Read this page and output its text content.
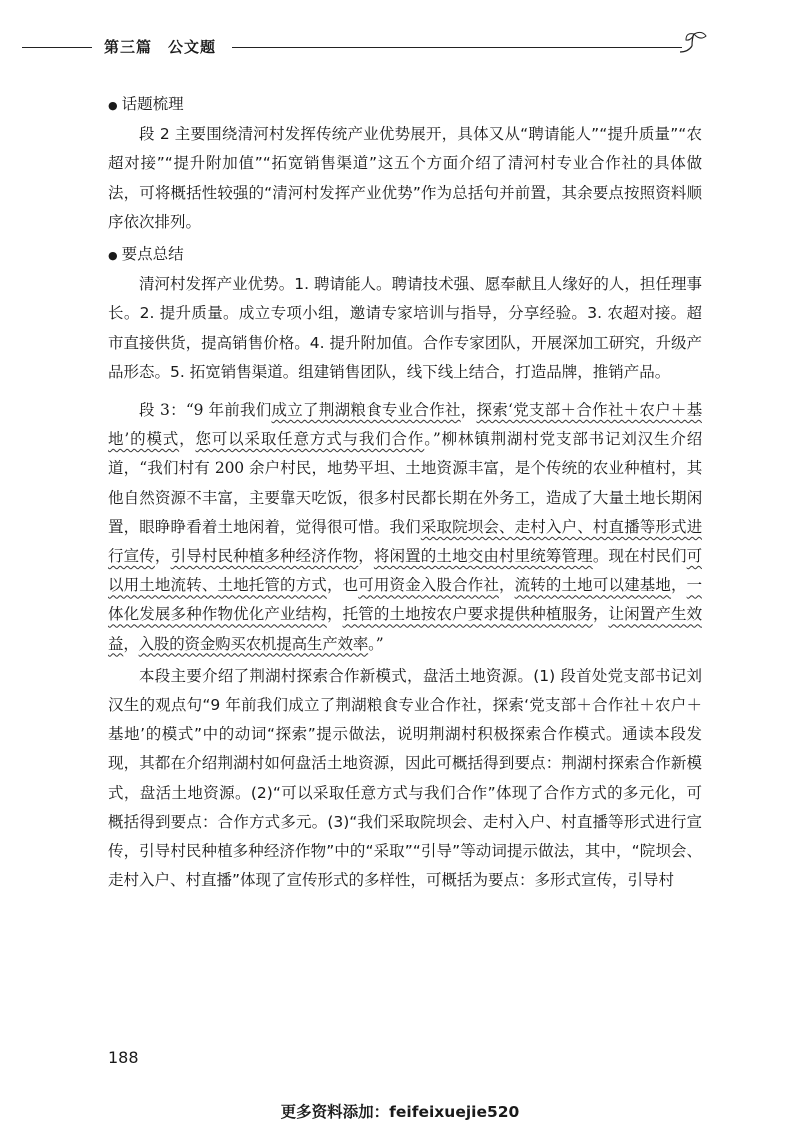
第三篇　公文题

● 话题梳理

段 2 主要围绕清河村发挥传统产业优势展开，具体又从“聘请能人”“提升质量”“农超对接”“提升附加值”“拓宽销售渠道”这五个方面介绍了清河村专业合作社的具体做法，可将概括性较强的“清河村发挥产业优势”作为总括句并前置，其余要点按照资料顺序依次排列。

● 要点总结

清河村发挥产业优势。1. 聘请能人。聘请技术强、愿奉献且人缘好的人，担任理事长。2. 提升质量。成立专项小组，邀请专家培训与指导，分享经验。3. 农超对接。超市直接供货，提高销售价格。4. 提升附加值。合作专家团队，开展深加工研究，升级产品形态。5. 拓宽销售渠道。组建销售团队，线下线上结合，打造品牌，推销产品。

段 3：“9 年前我们成立了荆湖粮食专业合作社，探索‘党支部＋合作社＋农户＋基地’的模式，您可以采取任意方式与我们合作。”柳林镇荆湖村党支部书记刘汉生介绍道，“我们村有 200 余户村民，地势平坦、土地资源丰富，是个传统的农业种植村，其他自然资源不丰富，主要靠天吃饭，很多村民都长期在外务工，造成了大量土地长期闲置，眼睁睁看着土地闲着，觉得很可惜。我们采取院坝会、走村入户、村直播等形式进行宣传，引导村民种植多种经济作物，将闲置的土地交由村里统筹管理。现在村民们可以用土地流转、土地托管的方式，也可用资金入股合作社，流转的土地可以建基地，一体化发展多种作物优化产业结构，托管的土地按农户要求提供种植服务，让闲置产生效益，入股的资金购买农机提高生产效率。”

本段主要介绍了荆湖村探索合作新模式，盘活土地资源。(1) 段首处党支部书记刘汉生的观点句“9 年前我们成立了荆湖粮食专业合作社，探索‘党支部＋合作社＋农户＋基地’的模式”中的动词“探索”提示做法，说明荆湖村积极探索合作模式。通读本段发现，其都在介绍荆湖村如何盘活土地资源，因此可概括得到要点：荆湖村探索合作新模式，盘活土地资源。(2)“可以采取任意方式与我们合作”体现了合作方式的多元化，可概括得到要点：合作方式多元。(3)“我们采取院坝会、走村入户、村直播等形式进行宣传，引导村民种植多种经济作物”中的“采取”“引导”等动词提示做法，其中，“院坝会、走村入户、村直播”体现了宣传形式的多样性，可概括为要点：多形式宣传，引导村

188
更多资料添加：feifeixuejie520
